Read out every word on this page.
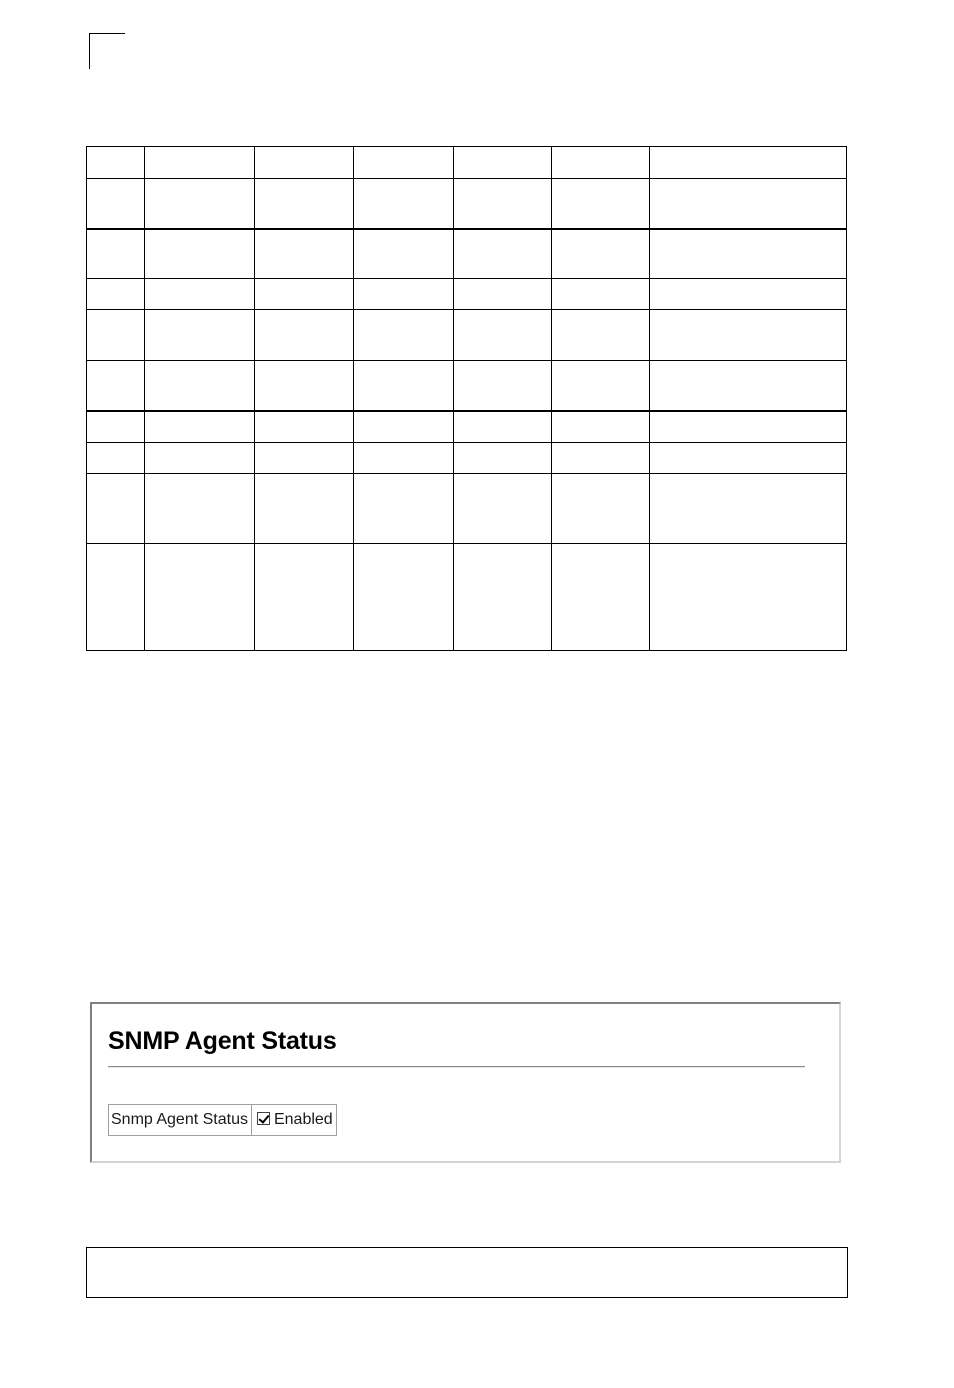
SNMP Agent Status
Snmp Agent Status	Enabled
